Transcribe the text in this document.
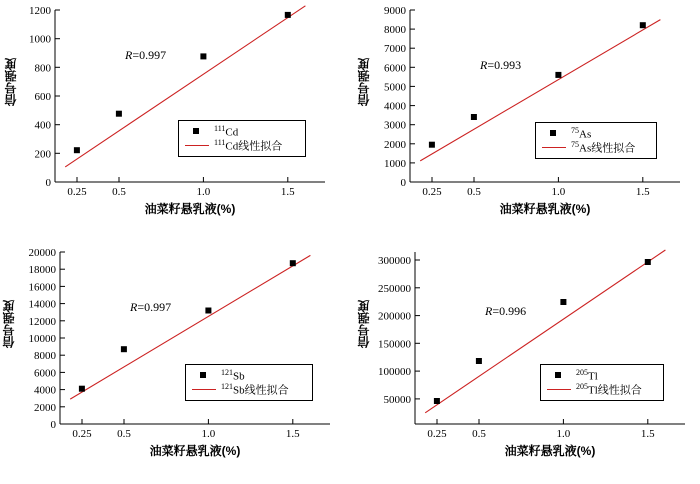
0
200
400
600
800
1000
1200
0.25 0.5	1.0	1.5
信号强度
油菜籽悬乳液(%)
R=0.997
$^{111}$Cd
$^{111}$Cd线性拟合
0
1000
2000
3000
4000
5000
6000
7000
8000
9000
0.25 0.5	1.0	1.5
信号强度
油菜籽悬乳液(%)
R=0.993
$^{75}$As
$^{75}$As线性拟合
0
2000
4000
6000
8000
10000
12000
14000
16000
18000
20000
0.25 0.5	1.0	1.5
信号强度
油菜籽悬乳液(%)
R=0.997
$^{121}$Sb
$^{121}$Sb线性拟合
50000
100000
150000
200000
250000
300000
0.25 0.5	1.0	1.5
信号强度
油菜籽悬乳液(%)
R=0.996
$^{205}$Tl
$^{205}$Tl线性拟合
